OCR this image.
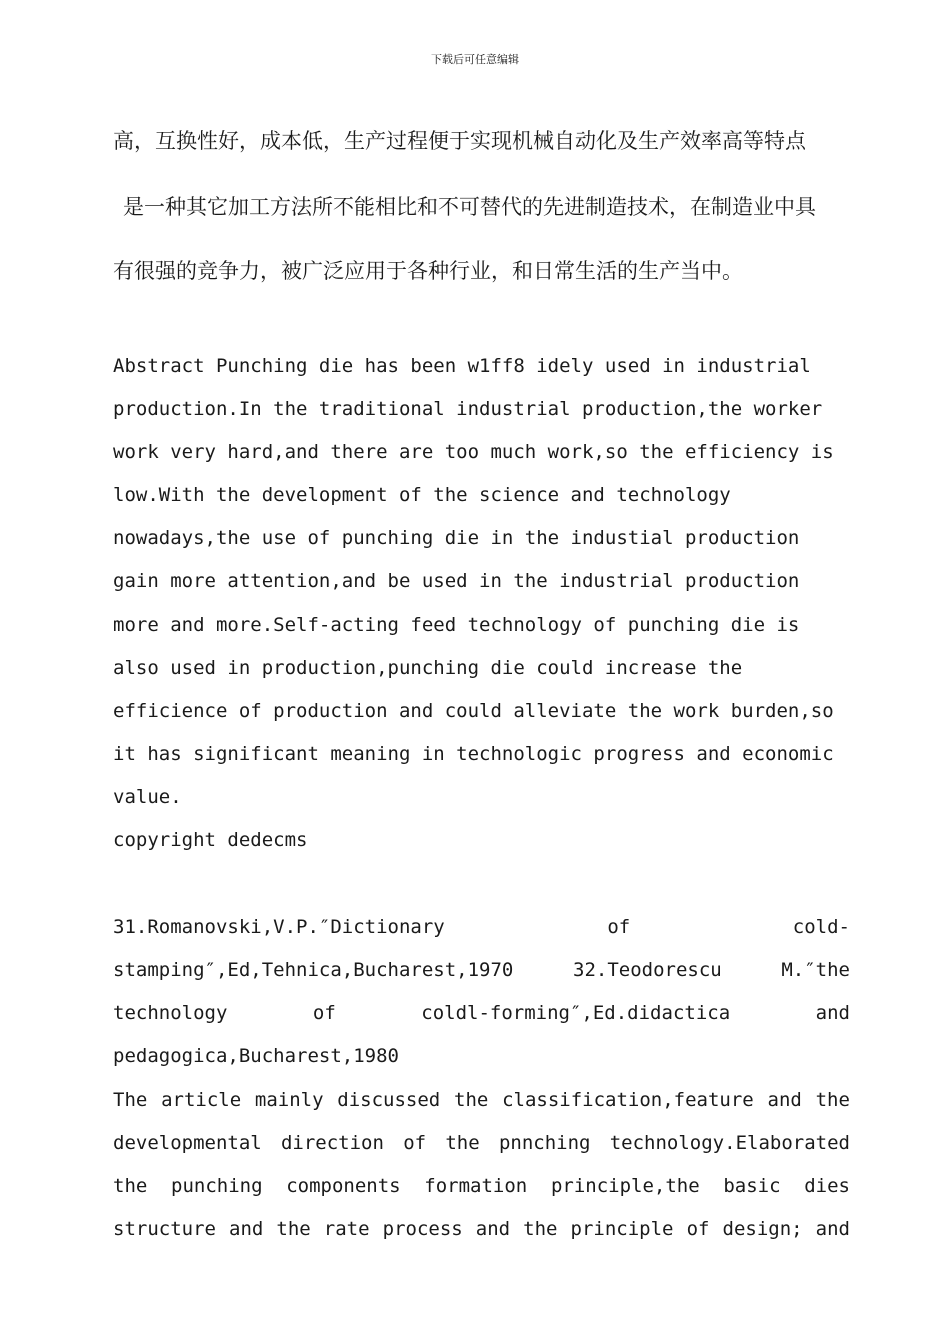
下载后可任意编辑
高，互换性好，成本低，生产过程便于实现机械自动化及生产效率高等特点
是一种其它加工方法所不能相比和不可替代的先进制造技术，在制造业中具
有很强的竞争力，被广泛应用于各种行业，和日常生活的生产当中。
Abstract Punching die has been w1ff8 idely used in industrial
production.In the traditional industrial production,the worker
work very hard,and there are too much work,so the efficiency is
low.With the development of the science and technology
nowadays,the use of punching die in the industial production
gain more attention,and be used in the industrial production
more and more.Self-acting feed technology of punching die is
also used in production,punching die could increase the
efficience of production and could alleviate the work burden,so
it has significant meaning in technologic progress and economic
value.
copyright dedecms
31.Romanovski,V.P.″Dictionary	of	cold-
stamping″,Ed,Tehnica,Bucharest,1970	32.Teodorescu	M.″the
technology	of	coldl-forming″,Ed.didactica	and
pedagogica,Bucharest,1980
The article mainly discussed the classification,feature and the
developmental direction of the pnnching technology.Elaborated
the punching components formation principle,the basic dies
structure and the rate process and the principle of design; and
